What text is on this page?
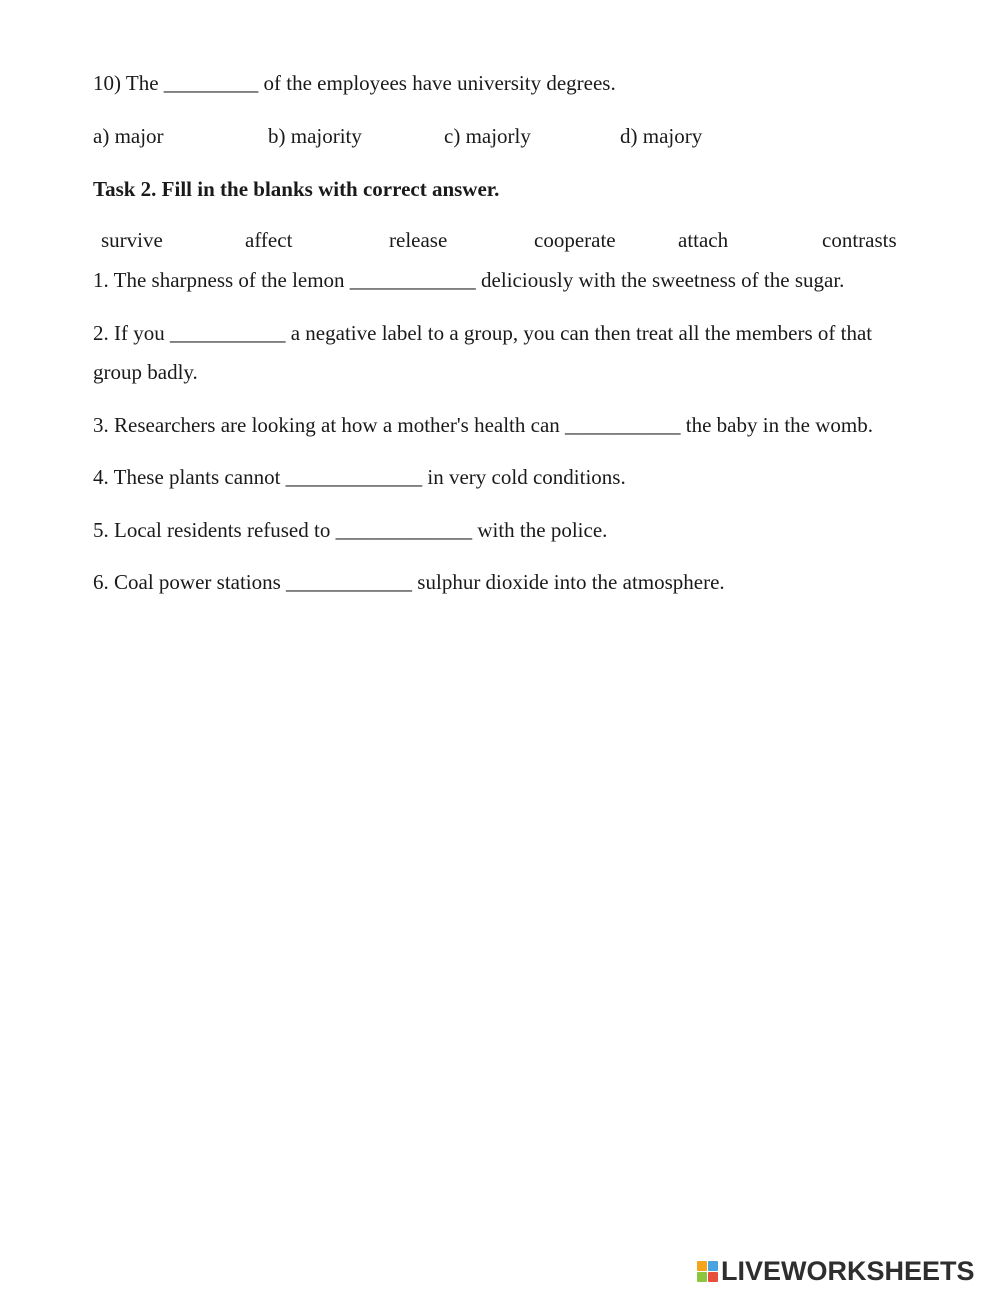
10) The _________ of the employees have university degrees.
a) major	b) majority	c) majorly	d) majory
Task 2. Fill in the blanks with correct answer.
survive	affect	release	cooperate	attach	contrasts
1. The sharpness of the lemon ____________ deliciously with the sweetness of the sugar.
2. If you ___________ a negative label to a group, you can then treat all the members of that
group badly.
3. Researchers are looking at how a mother's health can ___________ the baby in the womb.
4. These plants cannot _____________ in very cold conditions.
5. Local residents refused to _____________ with the police.
6. Coal power stations ____________ sulphur dioxide into the atmosphere.
LIVEWORKSHEETS
